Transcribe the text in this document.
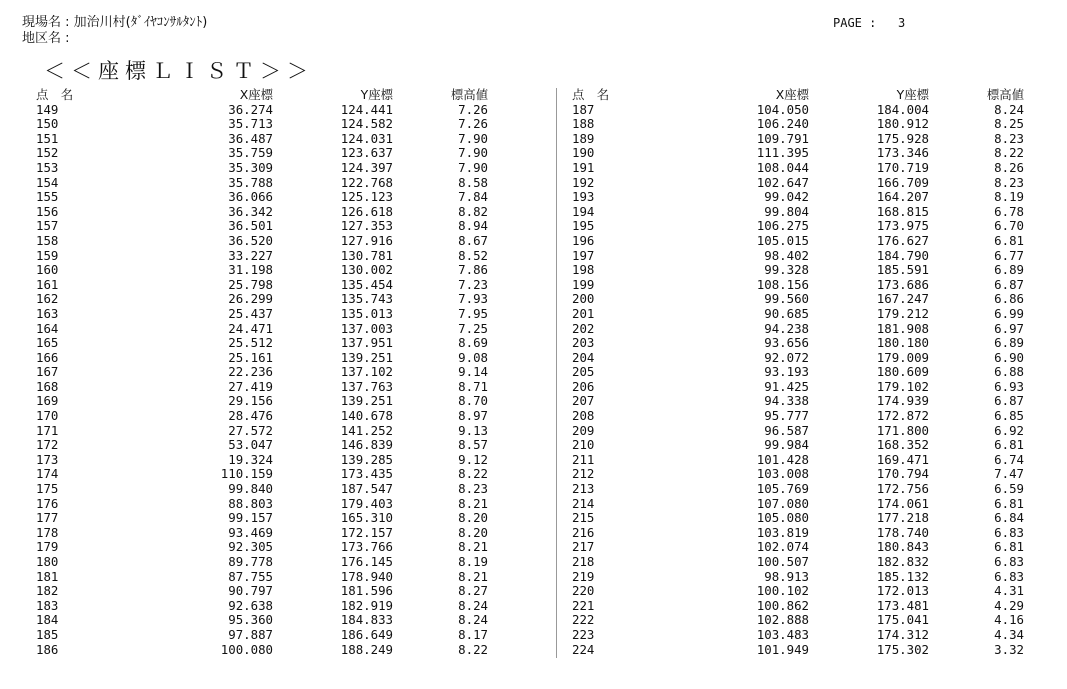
現場名 : 加治川村(ﾀﾞｲﾔｺﾝｻﾙﾀﾝﾄ)
地区名 :
PAGE :   3
＜＜座標ＬＩＳＴ＞＞
点　名	X座標	Y座標	標高値
149	36.274	124.441	7.26
150	35.713	124.582	7.26
151	36.487	124.031	7.90
152	35.759	123.637	7.90
153	35.309	124.397	7.90
154	35.788	122.768	8.58
155	36.066	125.123	7.84
156	36.342	126.618	8.82
157	36.501	127.353	8.94
158	36.520	127.916	8.67
159	33.227	130.781	8.52
160	31.198	130.002	7.86
161	25.798	135.454	7.23
162	26.299	135.743	7.93
163	25.437	135.013	7.95
164	24.471	137.003	7.25
165	25.512	137.951	8.69
166	25.161	139.251	9.08
167	22.236	137.102	9.14
168	27.419	137.763	8.71
169	29.156	139.251	8.70
170	28.476	140.678	8.97
171	27.572	141.252	9.13
172	53.047	146.839	8.57
173	19.324	139.285	9.12
174	110.159	173.435	8.22
175	99.840	187.547	8.23
176	88.803	179.403	8.21
177	99.157	165.310	8.20
178	93.469	172.157	8.20
179	92.305	173.766	8.21
180	89.778	176.145	8.19
181	87.755	178.940	8.21
182	90.797	181.596	8.27
183	92.638	182.919	8.24
184	95.360	184.833	8.24
185	97.887	186.649	8.17
186	100.080	188.249	8.22
点　名	X座標	Y座標	標高値
187	104.050	184.004	8.24
188	106.240	180.912	8.25
189	109.791	175.928	8.23
190	111.395	173.346	8.22
191	108.044	170.719	8.26
192	102.647	166.709	8.23
193	99.042	164.207	8.19
194	99.804	168.815	6.78
195	106.275	173.975	6.70
196	105.015	176.627	6.81
197	98.402	184.790	6.77
198	99.328	185.591	6.89
199	108.156	173.686	6.87
200	99.560	167.247	6.86
201	90.685	179.212	6.99
202	94.238	181.908	6.97
203	93.656	180.180	6.89
204	92.072	179.009	6.90
205	93.193	180.609	6.88
206	91.425	179.102	6.93
207	94.338	174.939	6.87
208	95.777	172.872	6.85
209	96.587	171.800	6.92
210	99.984	168.352	6.81
211	101.428	169.471	6.74
212	103.008	170.794	7.47
213	105.769	172.756	6.59
214	107.080	174.061	6.81
215	105.080	177.218	6.84
216	103.819	178.740	6.83
217	102.074	180.843	6.81
218	100.507	182.832	6.83
219	98.913	185.132	6.83
220	100.102	172.013	4.31
221	100.862	173.481	4.29
222	102.888	175.041	4.16
223	103.483	174.312	4.34
224	101.949	175.302	3.32
